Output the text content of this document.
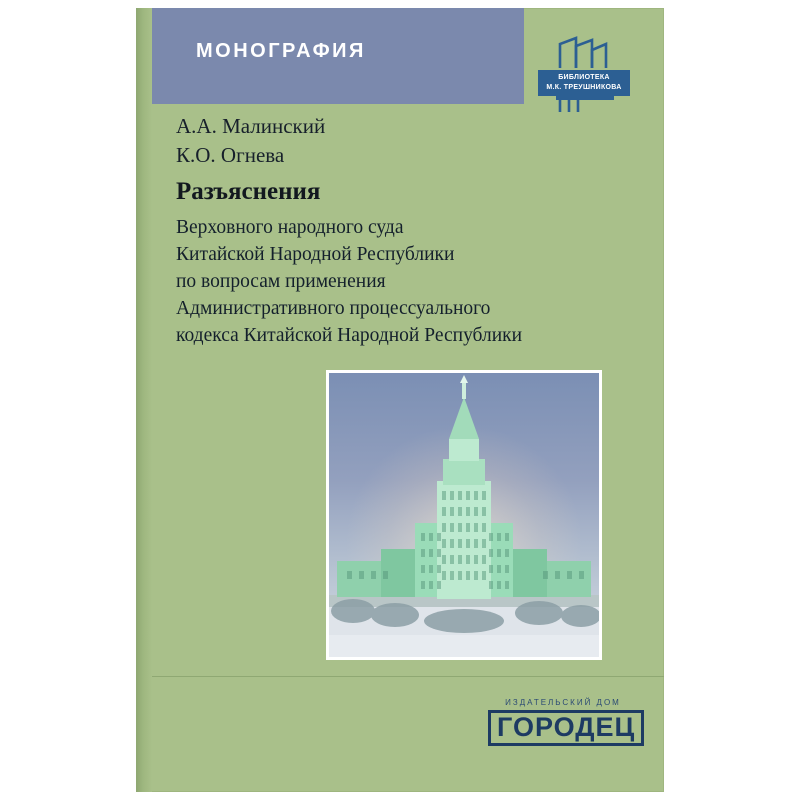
МОНОГРАФИЯ
БИБЛИОТЕКА
М.К. ТРЕУШНИКОВА
А.А. Малинский
К.О. Огнева
Разъяснения
Верховного народного суда
Китайской Народной Республики
по вопросам применения
Административного процессуального
кодекса Китайской Народной Республики
ИЗДАТЕЛЬСКИЙ ДОМ
ГОРОДЕЦ
